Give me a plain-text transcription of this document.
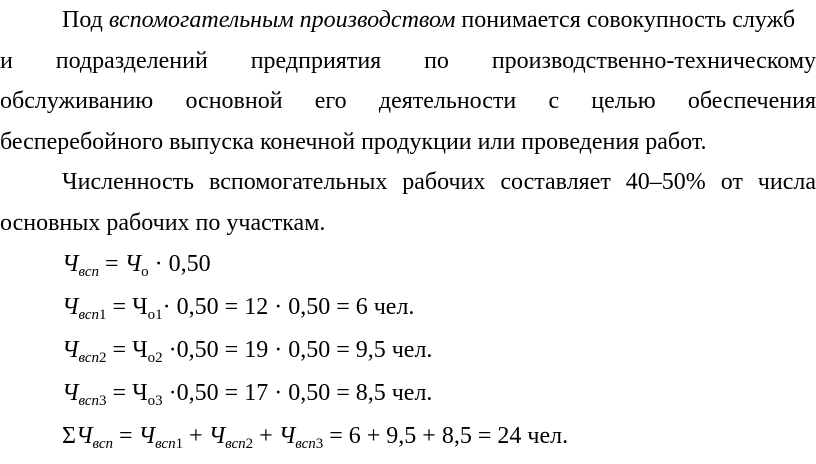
Под вспомогательным производством понимается совокупность служб
и подразделений предприятия по производственно-техническому
обслуживанию основной его деятельности с целью обеспечения
бесперебойного выпуска конечной продукции или проведения работ.
Численность вспомогательных рабочих составляет 40–50% от числа
основных рабочих по участкам.
$Ч_{всп} = Ч_о \cdot 0,50$
$Ч_{всп1} = Ч_{о1}\cdot 0,50 = 12 \cdot 0,50 = 6$ чел.
$Ч_{всп2} = Ч_{о2} \cdot 0,50 = 19 \cdot 0,50 = 9,5$ чел.
$Ч_{всп3} = Ч_{о3} \cdot 0,50 = 17 \cdot 0,50 = 8,5$ чел.
$\Sigma Ч_{всп} = Ч_{всп1} + Ч_{всп2} + Ч_{всп3} = 6 + 9,5 + 8,5 = 24$ чел.
